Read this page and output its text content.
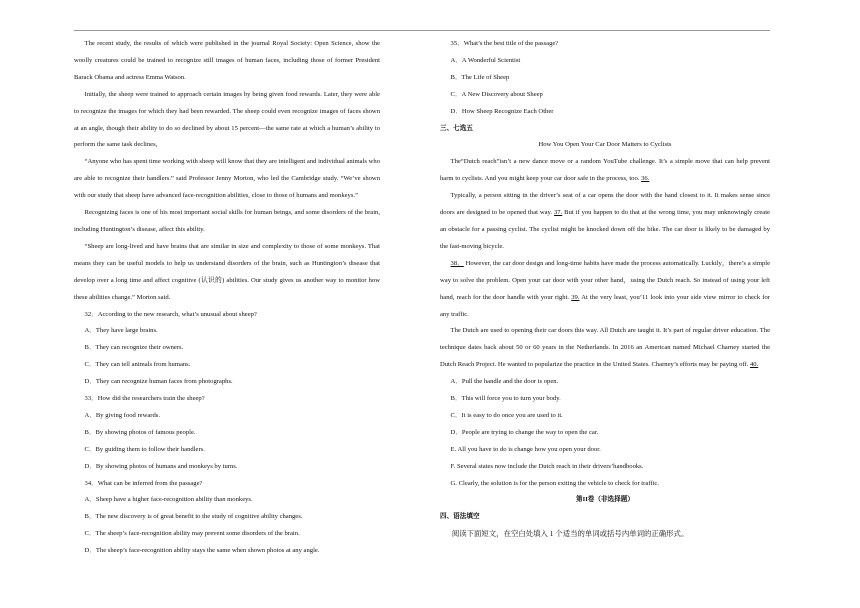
The recent study, the results of which were published in the journal Royal Society: Open Science, show the woolly creatures could be trained to recognize still images of human faces, including those of former President Barack Obama and actress Emma Watson.

Initially, the sheep were trained to approach certain images by being given food rewards. Later, they were able to recognize the images for which they had been rewarded. The sheep could even recognize images of faces shown at an angle, though their ability to do so declined by about 15 percent—the same rate at which a human’s ability to perform the same task declines,

“Anyone who has spent time working with sheep will know that they are intelligent and individual animals who are able to recognize their handlers.” said Professor Jenny Morton, who led the Cambridge study. “We’ve shown with our study that sheep have advanced face-recognition abilities, close to those of humans and monkeys.”

Recognizing faces is one of his most important social skills for human beings, and some disorders of the brain, including Huntington’s disease, affect this ability.

“Sheep are long-lived and have brains that are similar in size and complexity to those of some monkeys. That means they can be useful models to help us understand disorders of the brain, such as Huntington’s disease that develop over a long time and affect cognitive (认识的) abilities. Our study gives us another way to monitor how these abilities change.” Morton said.

32．According to the new research, what’s unusual about sheep?

A．They have large brains.

B．They can recognize their owners.

C．They can tell animals from humans.

D．They can recognize human faces from photographs.

33．How did the researchers train the sheep?

A．By giving food rewards.

B．By showing photos of famous people.

C．By guiding them to follow their handlers.

D．By showing photos of humans and monkeys by turns.

34．What can be inferred from the passage?

A．Sheep have a higher face-recognition ability than monkeys.

B．The new discovery is of great benefit to the study of cognitive ability changes.

C．The sheep’s face-recognition ability may prevent some disorders of the brain.

D．The sheep’s face-recognition ability stays the same when shown photos at any angle.

35．What’s the best title of the passage?

A．A Wonderful Scientist

B．The Life of Sheep

C．A New Discovery about Sheep

D．How Sheep Recognize Each Other

三、七选五

How You Open Your Car Door Matters to Cyclists

The“Dutch reach”isn’t a new dance move or a random YouTube challenge. It’s a simple move that can help prevent harm to cyclists. And you might keep your car door safe in the process, too. 36.

Typically, a person sitting in the driver’s seat of a car opens the door with the hand closest to it. It makes sense since doors are designed to be opened that way. 37. But if you happen to do that at the wrong time, you may unknowingly create an obstacle for a passing cyclist. The cyclist might be knocked down off the bike. The car door is likely to be damaged by the fast-moving bicycle.

38． However, the car door design and long-time habits have made the process automatically. Luckily，there’s a simple way to solve the problem. Open your car door with your other hand，using the Dutch reach. So instead of using your left hand, reach for the door handle with your right. 39. At the very least, you’11 look into your side view mirror to check for any traffic.

The Dutch are used to opening their car doors this way. All Dutch are taught it. It’s part of regular driver education. The technique dates back about 50 or 60 years in the Netherlands. In 2016 an American named Michael Charney started the Dutch Reach Project. He wanted to popularize the practice in the United States. Charney’s efforts may be paying off. 40.

A．Pull the handle and the door is open.

B．This will force you to turn your body.

C．It is easy to do once you are used to it.

D．People are trying to change the way to open the car.

E. All you have to do is change how you open your door.

F. Several states now include the Dutch reach in their drivers’handbooks.

G. Clearly, the solution is for the person exiting the vehicle to check for traffic.

第II卷（非选择题）

四、语法填空

阅读下面短文，在空白处填入 1 个适当的单词或括号内单词的正确形式。
